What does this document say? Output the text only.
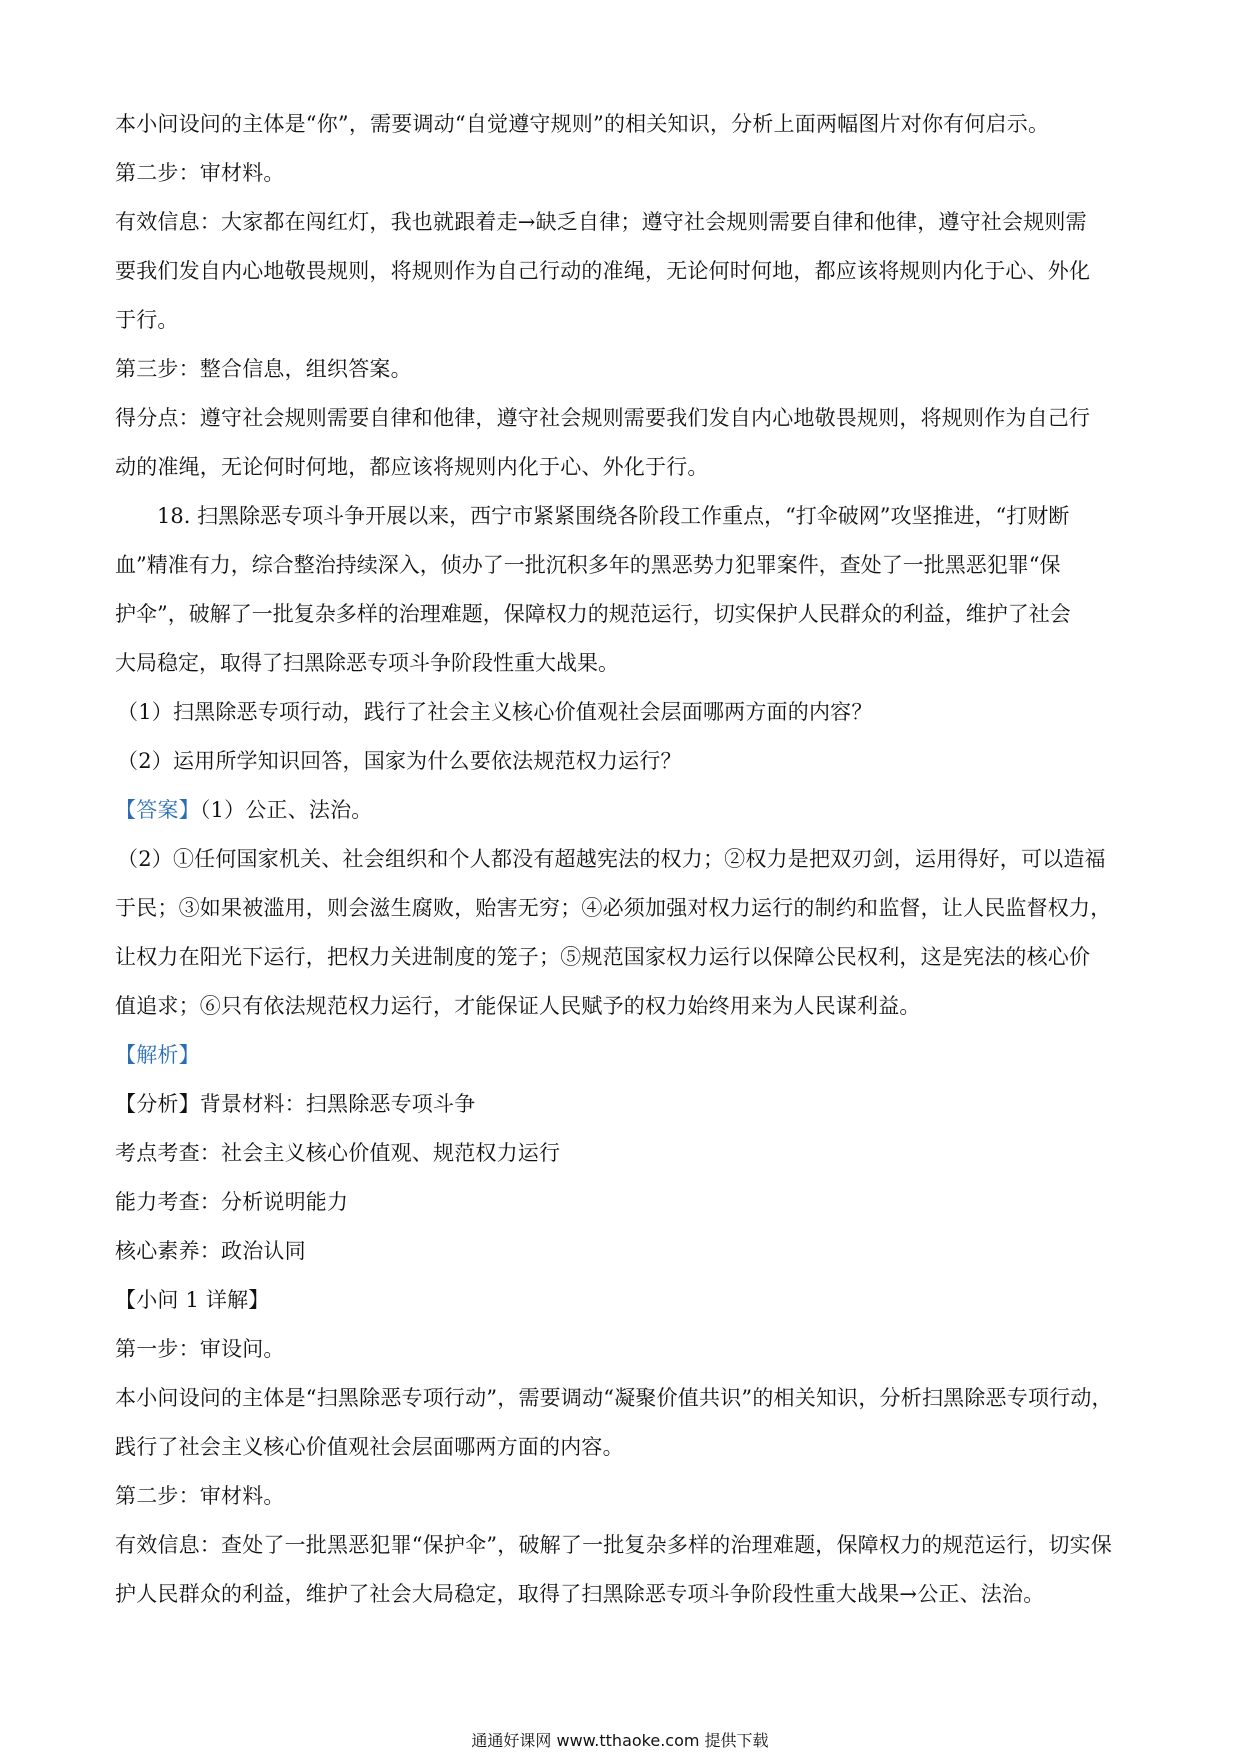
本小问设问的主体是“你”，需要调动“自觉遵守规则”的相关知识，分析上面两幅图片对你有何启示。

第二步：审材料。

有效信息：大家都在闯红灯，我也就跟着走→缺乏自律；遵守社会规则需要自律和他律，遵守社会规则需

要我们发自内心地敬畏规则，将规则作为自己行动的准绳，无论何时何地，都应该将规则内化于心、外化

于行。

第三步：整合信息，组织答案。

得分点：遵守社会规则需要自律和他律，遵守社会规则需要我们发自内心地敬畏规则，将规则作为自己行

动的准绳，无论何时何地，都应该将规则内化于心、外化于行。

18. 扫黑除恶专项斗争开展以来，西宁市紧紧围绕各阶段工作重点，“打伞破网”攻坚推进，“打财断

血”精准有力，综合整治持续深入，侦办了一批沉积多年的黑恶势力犯罪案件，查处了一批黑恶犯罪“保

护伞”，破解了一批复杂多样的治理难题，保障权力的规范运行，切实保护人民群众的利益，维护了社会

大局稳定，取得了扫黑除恶专项斗争阶段性重大战果。

（1）扫黑除恶专项行动，践行了社会主义核心价值观社会层面哪两方面的内容？

（2）运用所学知识回答，国家为什么要依法规范权力运行？

【答案】（1）公正、法治。

（2）①任何国家机关、社会组织和个人都没有超越宪法的权力；②权力是把双刃剑，运用得好，可以造福

于民；③如果被滥用，则会滋生腐败，贻害无穷；④必须加强对权力运行的制约和监督，让人民监督权力，

让权力在阳光下运行，把权力关进制度的笼子；⑤规范国家权力运行以保障公民权利，这是宪法的核心价

值追求；⑥只有依法规范权力运行，才能保证人民赋予的权力始终用来为人民谋利益。

【解析】

【分析】背景材料：扫黑除恶专项斗争

考点考查：社会主义核心价值观、规范权力运行

能力考查：分析说明能力

核心素养：政治认同

【小问 1 详解】

第一步：审设问。

本小问设问的主体是“扫黑除恶专项行动”，需要调动“凝聚价值共识”的相关知识，分析扫黑除恶专项行动，

践行了社会主义核心价值观社会层面哪两方面的内容。

第二步：审材料。

有效信息：查处了一批黑恶犯罪“保护伞”，破解了一批复杂多样的治理难题，保障权力的规范运行，切实保

护人民群众的利益，维护了社会大局稳定，取得了扫黑除恶专项斗争阶段性重大战果→公正、法治。

通通好课网 www.tthaoke.com 提供下载
